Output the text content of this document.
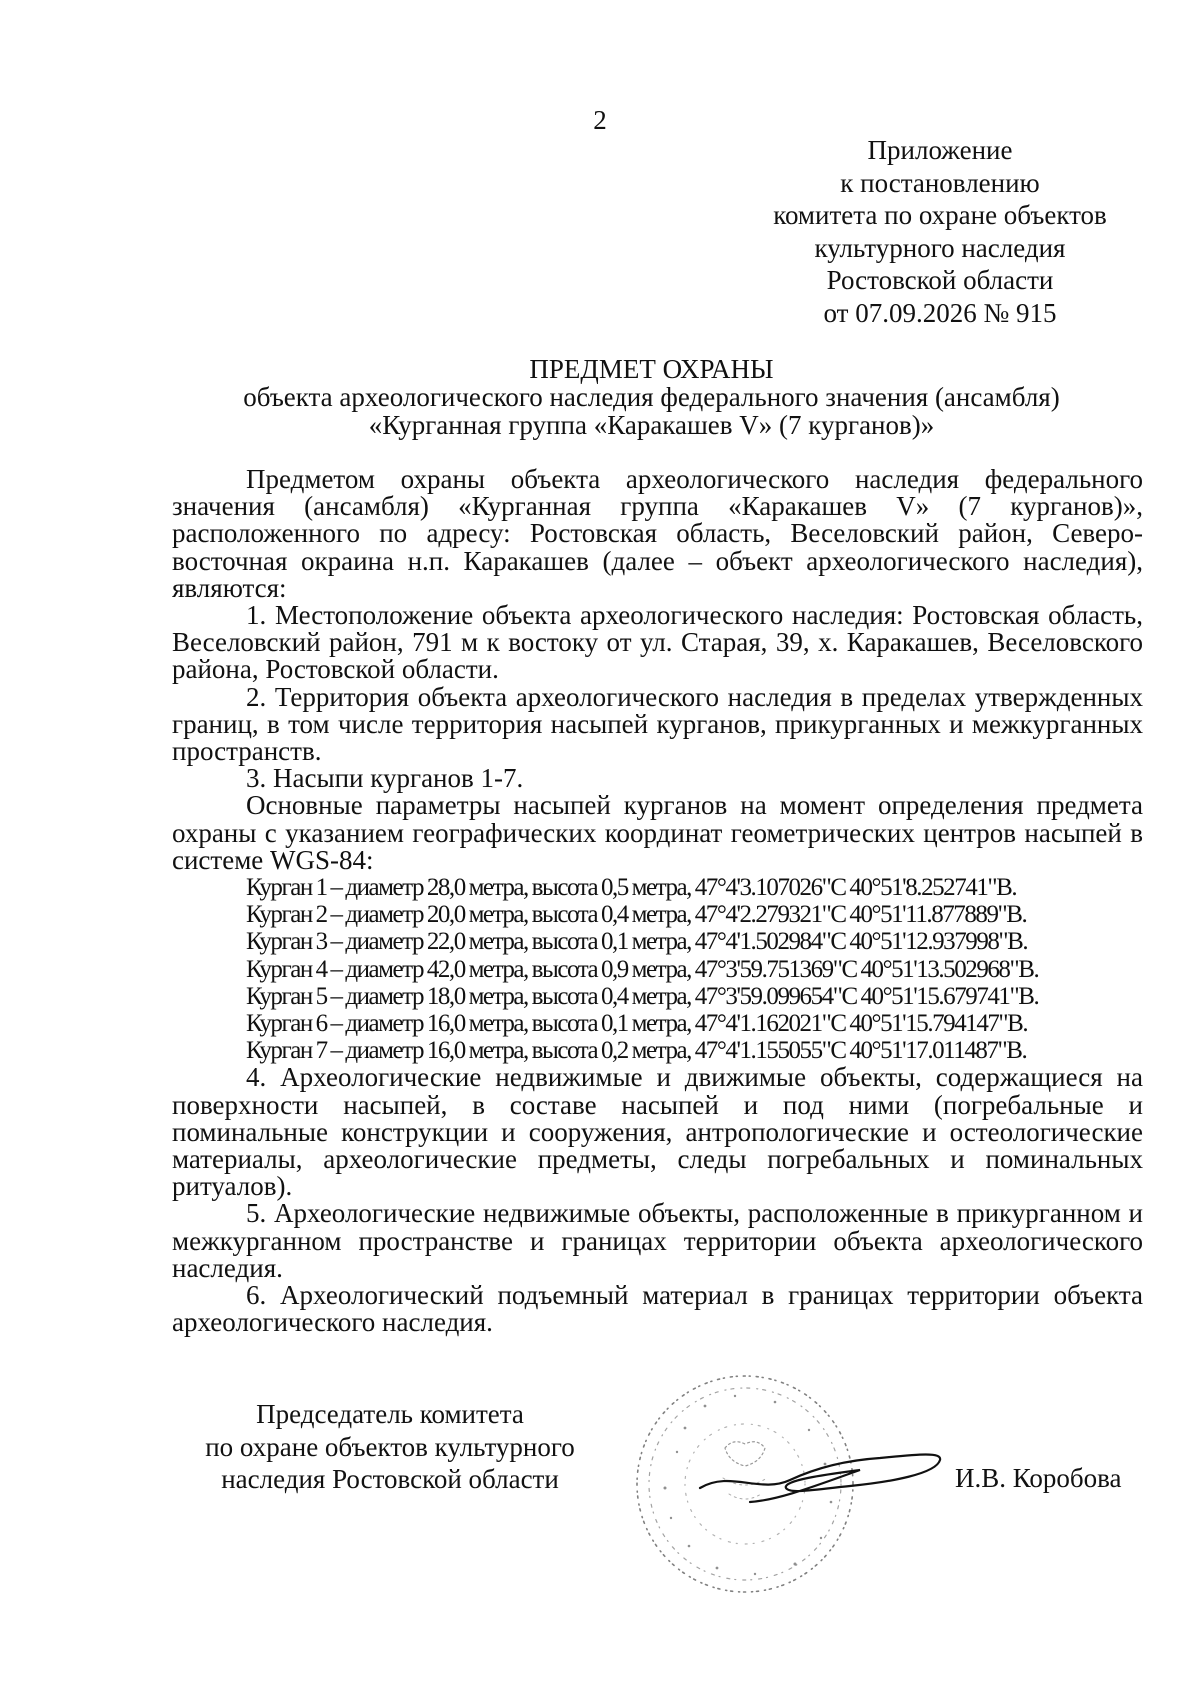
2
Приложение
к постановлению
комитета по охране объектов
культурного наследия
Ростовской области
от 07.09.2026 № 915
ПРЕДМЕТ ОХРАНЫ
объекта археологического наследия федерального значения (ансамбля)
«Курганная группа «Каракашев V» (7 курганов)»

Предметом охраны объекта археологического наследия федерального значения (ансамбля) «Курганная группа «Каракашев V» (7 курганов)», расположенного по адресу: Ростовская область, Веселовский район, Северо-восточная окраина н.п. Каракашев (далее – объект археологического наследия), являются:

1. Местоположение объекта археологического наследия: Ростовская область, Веселовский район, 791 м к востоку от ул. Старая, 39, х. Каракашев, Веселовского района, Ростовской области.

2. Территория объекта археологического наследия в пределах утвержденных границ, в том числе территория насыпей курганов, прикурганных и межкурганных пространств.

3. Насыпи курганов 1-7.

Основные параметры насыпей курганов на момент определения предмета охраны с указанием географических координат геометрических центров насыпей в системе WGS-84:

Курган 1 – диаметр 28,0 метра, высота 0,5 метра, 47°4'3.107026"С 40°51'8.252741"В.
Курган 2 – диаметр 20,0 метра, высота 0,4 метра, 47°4'2.279321"С 40°51'11.877889"В.
Курган 3 – диаметр 22,0 метра, высота 0,1 метра, 47°4'1.502984"С 40°51'12.937998"В.
Курган 4 – диаметр 42,0 метра, высота 0,9 метра, 47°3'59.751369"С 40°51'13.502968"В.
Курган 5 – диаметр 18,0 метра, высота 0,4 метра, 47°3'59.099654"С 40°51'15.679741"В.
Курган 6 – диаметр 16,0 метра, высота 0,1 метра, 47°4'1.162021"С 40°51'15.794147"В.
Курган 7 – диаметр 16,0 метра, высота 0,2 метра, 47°4'1.155055"С 40°51'17.011487"В.

4. Археологические недвижимые и движимые объекты, содержащиеся на поверхности насыпей, в составе насыпей и под ними (погребальные и поминальные конструкции и сооружения, антропологические и остеологические материалы, археологические предметы, следы погребальных и поминальных ритуалов).

5. Археологические недвижимые объекты, расположенные в прикурганном и межкурганном пространстве и границах территории объекта археологического наследия.

6. Археологический подъемный материал в границах территории объекта археологического наследия.

Председатель комитета
по охране объектов культурного
наследия Ростовской области	И.В. Коробова
